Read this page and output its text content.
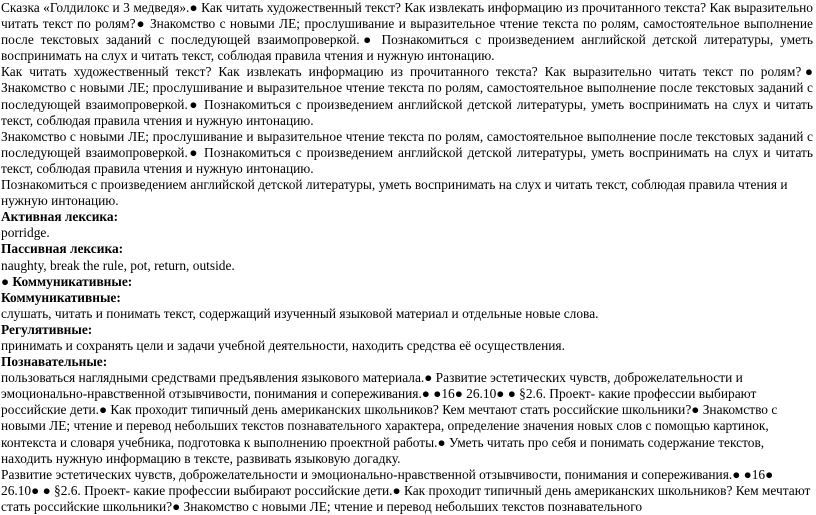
Сказка «Голдилокс и 3 медведя».● Как читать художественный текст? Как извлекать информацию из прочитанного текста? Как выразительно читать текст по ролям?● Знакомство с новыми ЛЕ; прослушивание и выразительное чтение текста по ролям, самостоятельное выполнение после текстовых заданий с последующей взаимопроверкой.● Познакомиться с произведением английской детской литературы, уметь воспринимать на слух и читать текст, соблюдая правила чтения и нужную интонацию.

Как читать художественный текст? Как извлекать информацию из прочитанного текста? Как выразительно читать текст по ролям?● Знакомство с новыми ЛЕ; прослушивание и выразительное чтение текста по ролям, самостоятельное выполнение после текстовых заданий с последующей взаимопроверкой.● Познакомиться с произведением английской детской литературы, уметь воспринимать на слух и читать текст, соблюдая правила чтения и нужную интонацию.

Знакомство с новыми ЛЕ; прослушивание и выразительное чтение текста по ролям, самостоятельное выполнение после текстовых заданий с последующей взаимопроверкой.● Познакомиться с произведением английской детской литературы, уметь воспринимать на слух и читать текст, соблюдая правила чтения и нужную интонацию.

Познакомиться с произведением английской детской литературы, уметь воспринимать на слух и читать текст, соблюдая правила чтения и нужную интонацию.

Активная лексика:

porridge.

Пассивная лексика:

naughty, break the rule, pot, return, outside.

● Коммуникативные:

Коммуникативные:

слушать, читать и понимать текст, содержащий изученный языковой материал и отдельные новые слова.

Регулятивные:

принимать и сохранять цели и задачи учебной деятельности, находить средства её осуществления.

Познавательные:

пользоваться наглядными средствами предъявления языкового материала.● Развитие эстетических чувств, доброжелательности и эмоционально-нравственной отзывчивости, понимания и сопереживания.● ●16● 26.10● ● §2.6. Проект- какие профессии выбирают российские дети.● Как проходит типичный день американских школьников? Кем мечтают стать российские школьники?● Знакомство с новыми ЛЕ; чтение и перевод небольших текстов познавательного характера, определение значения новых слов с помощью картинок, контекста и словаря учебника, подготовка к выполнению проектной работы.● Уметь читать про себя и понимать содержание текстов, находить нужную информацию в тексте, развивать языковую догадку.

Развитие эстетических чувств, доброжелательности и эмоционально-нравственной отзывчивости, понимания и сопереживания.● ●16● 26.10● ● §2.6. Проект- какие профессии выбирают российские дети.● Как проходит типичный день американских школьников? Кем мечтают стать российские школьники?● Знакомство с новыми ЛЕ; чтение и перевод небольших текстов познавательного
